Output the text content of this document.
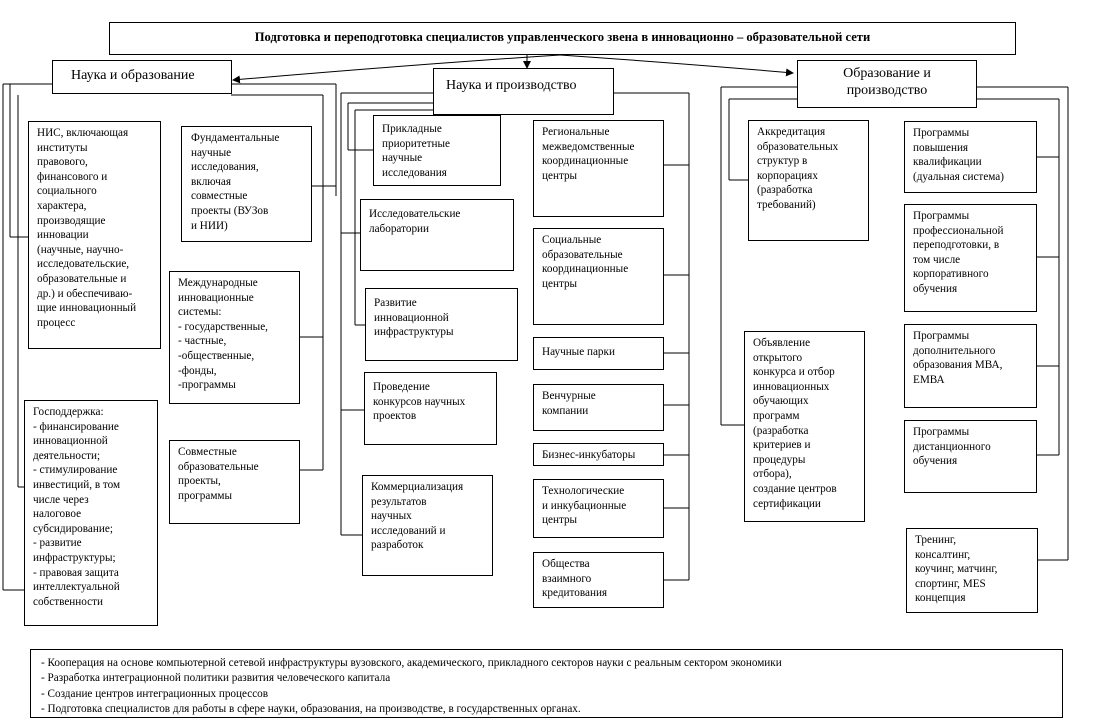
Подготовка и переподготовка специалистов управленческого звена в инновационно – образовательной сети
Наука и образование
Наука и производство
Образование и
производство
НИС, включающая
институты
правового,
финансового и
социального
характера,
производящие
инновации
(научные, научно-
исследовательские,
образовательные и
др.) и обеспечиваю-
щие инновационный
процесс
Господдержка:
- финансирование
инновационной
деятельности;
- стимулирование
инвестиций, в том
числе через
налоговое
субсидирование;
- развитие
инфраструктуры;
- правовая защита
интеллектуальной
собственности
Фундаментальные
научные
исследования,
включая
совместные
проекты (ВУЗов
и НИИ)
Международные
инновационные
системы:
- государственные,
- частные,
-общественные,
-фонды,
-программы
Совместные
образовательные
проекты,
программы
Прикладные
приоритетные
научные
исследования
Исследовательские
лаборатории
Развитие
инновационной
инфраструктуры
Проведение
конкурсов научных
проектов
Коммерциализация
результатов
научных
исследований и
разработок
Региональные
межведомственные
координационные
центры
Социальные
образовательные
координационные
центры
Научные парки
Венчурные
компании
Бизнес-инкубаторы
Технологические
и инкубационные
центры
Общества
взаимного
кредитования
Аккредитация
образовательных
структур в
корпорациях
(разработка
требований)
Объявление
открытого
конкурса и отбор
инновационных
обучающих
программ
(разработка
критериев и
процедуры
отбора),
создание центров
сертификации
Программы
повышения
квалификации
(дуальная система)
Программы
профессиональной
переподготовки, в
том числе
корпоративного
обучения
Программы
дополнительного
образования МВА,
ЕМВА
Программы
дистанционного
обучения
Тренинг,
консалтинг,
коучинг, матчинг,
спортинг, MES
концепция
- Кооперация на основе компьютерной сетевой инфраструктуры вузовского, академического, прикладного секторов науки с реальным сектором экономики
- Разработка интеграционной политики развития человеческого капитала
- Создание центров интеграционных процессов
- Подготовка специалистов для работы в сфере науки, образования, на производстве, в государственных органах.
